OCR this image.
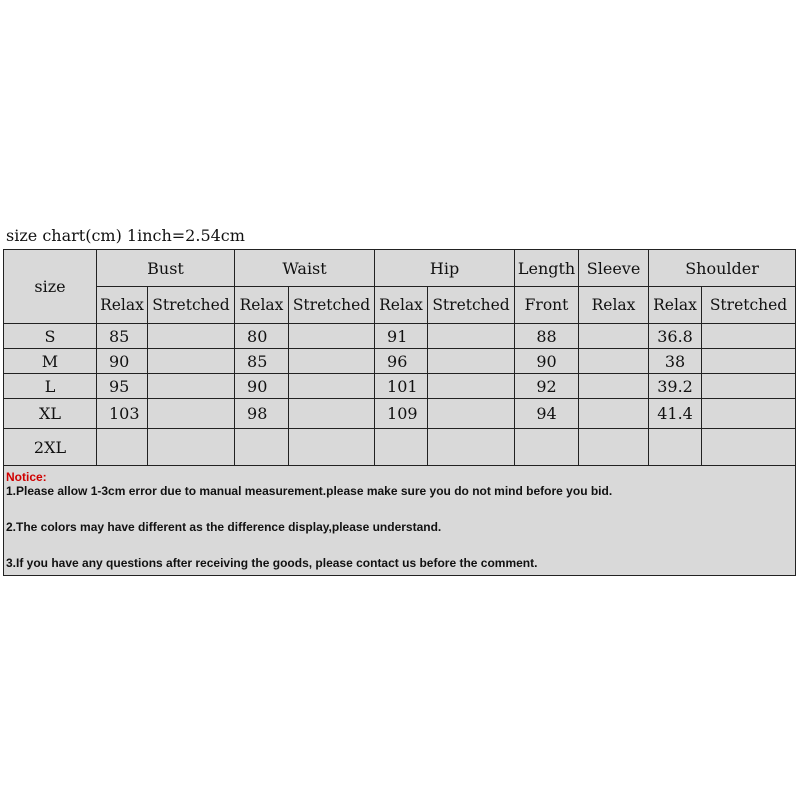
size chart(cm) 1inch=2.54cm
size	Bust		Waist		Hip		Length	Sleeve	Shoulder	
	Relax	Stretched	Relax	Stretched	Relax	Stretched	Front	Relax	Relax	Stretched
S	85		80		91		88		36.8	
M	90		85		96		90		38	
L	95		90		101		92		39.2	
XL	103		98		109		94		41.4	
2XL										

Notice:
1.Please allow 1-3cm error due to manual measurement.please make sure you do not mind before you bid.
2.The colors may have different as the difference display,please understand.
3.If you have any questions after receiving the goods, please contact us before the comment.										
